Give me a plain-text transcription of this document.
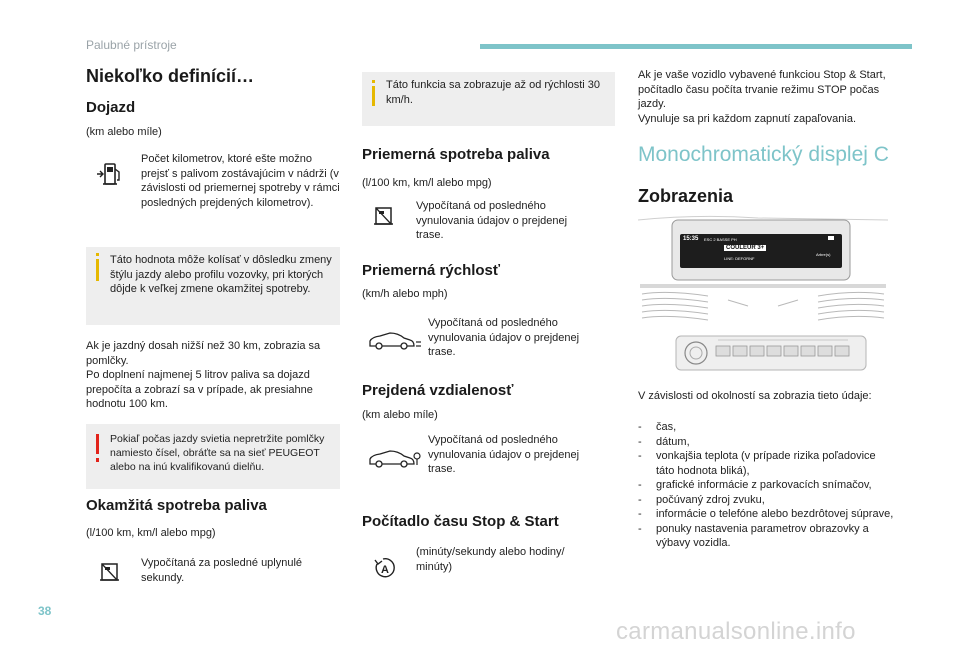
Palubné prístroje
Niekoľko definícií…
Dojazd
(km alebo míle)
Počet kilometrov, ktoré ešte možno prejsť s palivom zostávajúcim v nádrži (v závislosti od priemernej spotreby v rámci posledných prejdených kilometrov).
Táto hodnota môže kolísať v dôsledku zmeny štýlu jazdy alebo profilu vozovky, pri ktorých dôjde k veľkej zmene okamžitej spotreby.
Ak je jazdný dosah nižší než 30 km, zobrazia sa pomlčky.
Po doplnení najmenej 5 litrov paliva sa dojazd prepočíta a zobrazí sa v prípade, ak presiahne hodnotu 100 km.
Pokiaľ počas jazdy svietia nepretržite pomlčky namiesto čísel, obráťte sa na sieť PEUGEOT alebo na inú kvalifikovanú dielňu.
Okamžitá spotreba paliva
(l/100 km, km/l alebo mpg)
Vypočítaná za posledné uplynulé sekundy.
Táto funkcia sa zobrazuje až od rýchlosti 30 km/h.
Priemerná spotreba paliva
(l/100 km, km/l alebo mpg)
Vypočítaná od posledného vynulovania údajov o prejdenej trase.
Priemerná rýchlosť
(km/h alebo mph)
Vypočítaná od posledného vynulovania údajov o prejdenej trase.
Prejdená vzdialenosť
(km alebo míle)
Vypočítaná od posledného vynulovania údajov o prejdenej trase.
Počítadlo času Stop & Start
A
(minúty/sekundy alebo hodiny/ minúty)
Ak je vaše vozidlo vybavené funkciou Stop & Start, počítadlo času počíta trvanie režimu STOP počas jazdy.
Vynuluje sa pri každom zapnutí zapaľovania.
Monochromatický displej C
Zobrazenia
15:35 ESC 2 BASSE PH
COULEUR 3+
LINE: DEFORNF
Arbre(s)
V závislosti od okolností sa zobrazia tieto údaje:
- čas,
- dátum,
- vonkajšia teplota (v prípade rizika poľadovice táto hodnota bliká),
- grafické informácie z parkovacích snímačov,
- počúvaný zdroj zvuku,
- informácie o telefóne alebo bezdrôtovej súprave,
- ponuky nastavenia parametrov obrazovky a výbavy vozidla.
38
carmanualsonline.info
